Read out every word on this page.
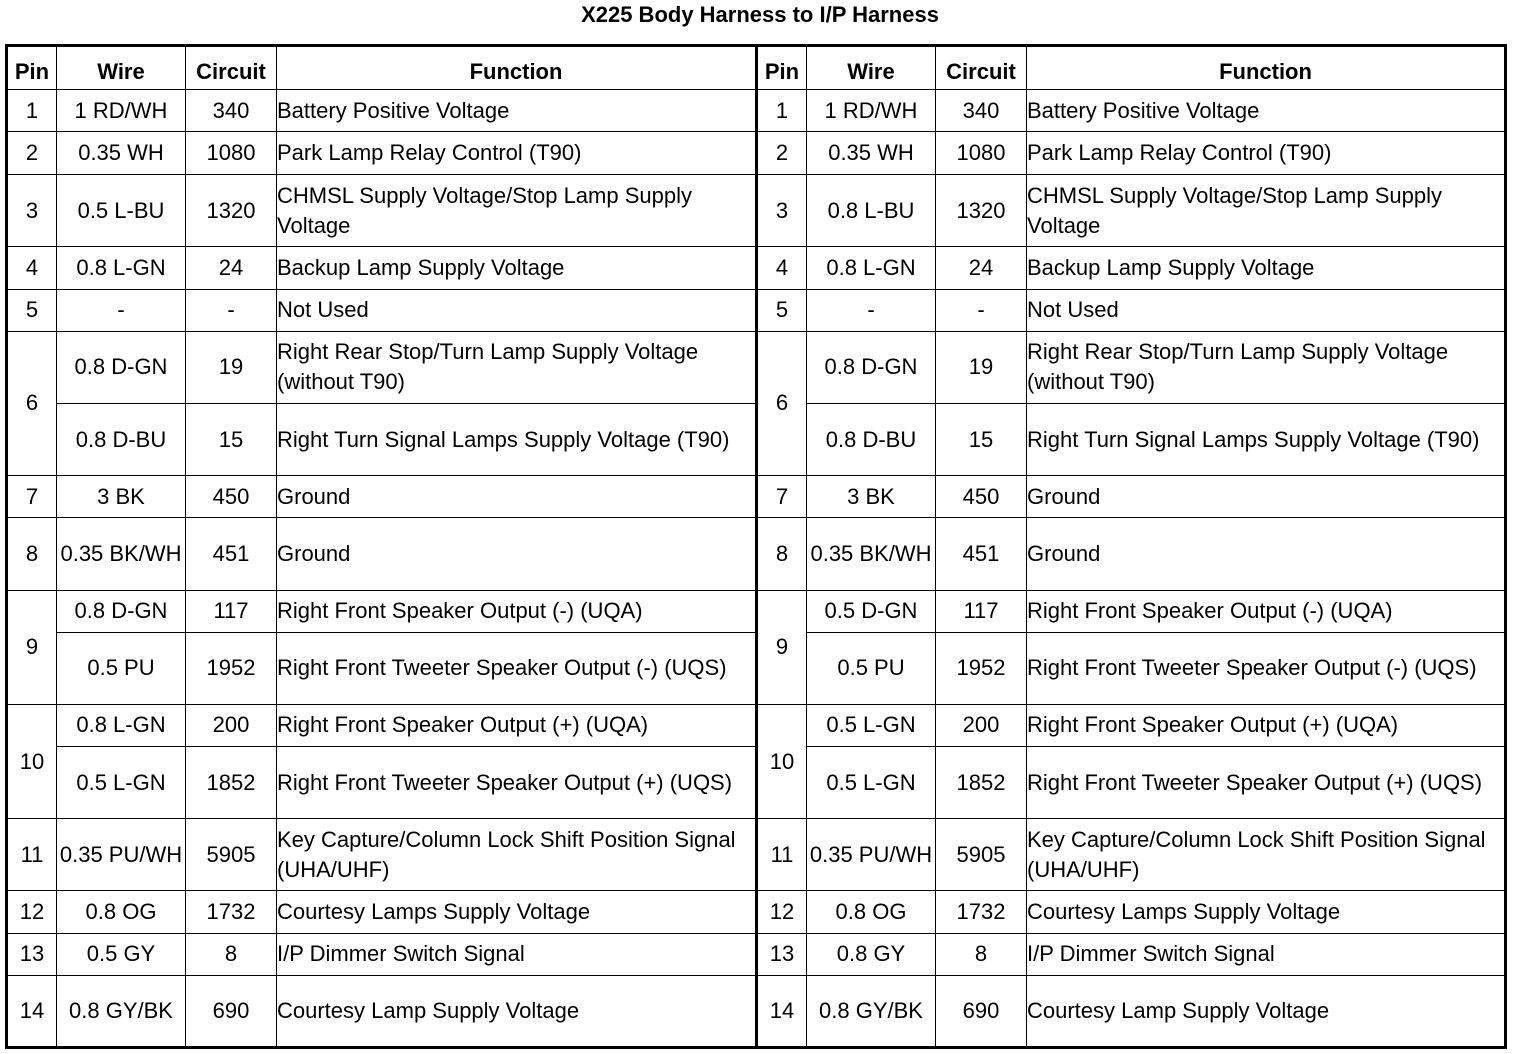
X225 Body Harness to I/P Harness
Pin	Wire	Circuit	Function	Pin	Wire	Circuit	Function
1	1 RD/WH	340	Battery Positive Voltage	1	1 RD/WH	340	Battery Positive Voltage
2	0.35 WH	1080	Park Lamp Relay Control (T90)	2	0.35 WH	1080	Park Lamp Relay Control (T90)
3	0.5 L-BU	1320	CHMSL Supply Voltage/Stop Lamp Supply Voltage	3	0.8 L-BU	1320	CHMSL Supply Voltage/Stop Lamp Supply Voltage
4	0.8 L-GN	24	Backup Lamp Supply Voltage	4	0.8 L-GN	24	Backup Lamp Supply Voltage
5	-	-	Not Used	5	-	-	Not Used
6	0.8 D-GN	19	Right Rear Stop/Turn Lamp Supply Voltage (without T90)	6	0.8 D-GN	19	Right Rear Stop/Turn Lamp Supply Voltage (without T90)
	0.8 D-BU	15	Right Turn Signal Lamps Supply Voltage (T90)		0.8 D-BU	15	Right Turn Signal Lamps Supply Voltage (T90)
7	3 BK	450	Ground	7	3 BK	450	Ground
8	0.35 BK/WH	451	Ground	8	0.35 BK/WH	451	Ground
9	0.8 D-GN	117	Right Front Speaker Output (-) (UQA)	9	0.5 D-GN	117	Right Front Speaker Output (-) (UQA)
	0.5 PU	1952	Right Front Tweeter Speaker Output (-) (UQS)		0.5 PU	1952	Right Front Tweeter Speaker Output (-) (UQS)
10	0.8 L-GN	200	Right Front Speaker Output (+) (UQA)	10	0.5 L-GN	200	Right Front Speaker Output (+) (UQA)
	0.5 L-GN	1852	Right Front Tweeter Speaker Output (+) (UQS)		0.5 L-GN	1852	Right Front Tweeter Speaker Output (+) (UQS)
11	0.35 PU/WH	5905	Key Capture/Column Lock Shift Position Signal (UHA/UHF)	11	0.35 PU/WH	5905	Key Capture/Column Lock Shift Position Signal (UHA/UHF)
12	0.8 OG	1732	Courtesy Lamps Supply Voltage	12	0.8 OG	1732	Courtesy Lamps Supply Voltage
13	0.5 GY	8	I/P Dimmer Switch Signal	13	0.8 GY	8	I/P Dimmer Switch Signal
14	0.8 GY/BK	690	Courtesy Lamp Supply Voltage	14	0.8 GY/BK	690	Courtesy Lamp Supply Voltage
